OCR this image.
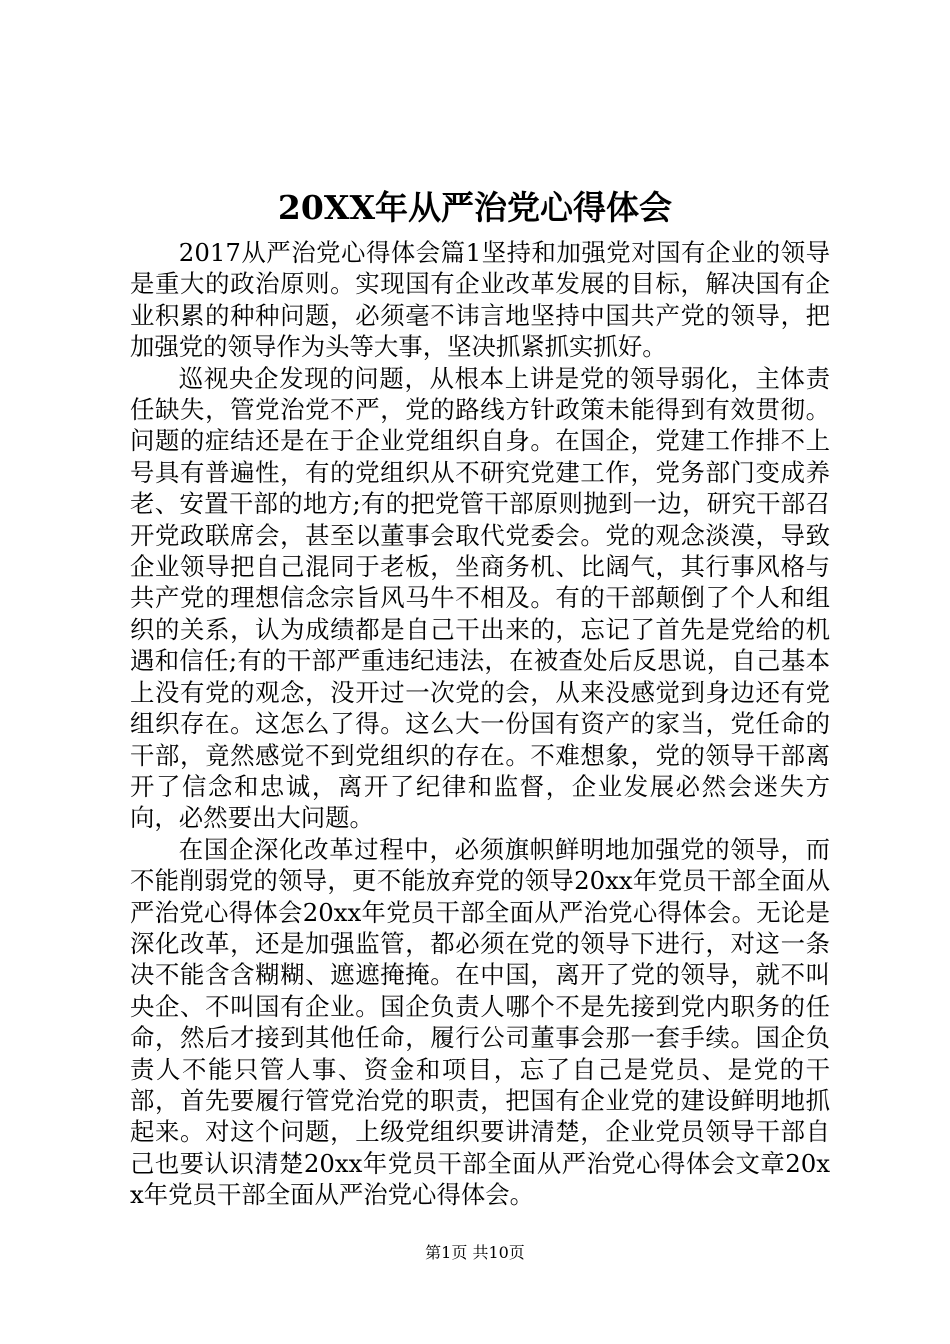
20XX年从严治党心得体会

2017从严治党心得体会篇1坚持和加强党对国有企业的领导是重大的政治原则。实现国有企业改革发展的目标，解决国有企业积累的种种问题，必须毫不讳言地坚持中国共产党的领导，把加强党的领导作为头等大事，坚决抓紧抓实抓好。

巡视央企发现的问题，从根本上讲是党的领导弱化，主体责任缺失，管党治党不严，党的路线方针政策未能得到有效贯彻。问题的症结还是在于企业党组织自身。在国企，党建工作排不上号具有普遍性，有的党组织从不研究党建工作，党务部门变成养老、安置干部的地方;有的把党管干部原则抛到一边，研究干部召开党政联席会，甚至以董事会取代党委会。党的观念淡漠，导致企业领导把自己混同于老板，坐商务机、比阔气，其行事风格与共产党的理想信念宗旨风马牛不相及。有的干部颠倒了个人和组织的关系，认为成绩都是自己干出来的，忘记了首先是党给的机遇和信任;有的干部严重违纪违法，在被查处后反思说，自己基本上没有党的观念，没开过一次党的会，从来没感觉到身边还有党组织存在。这怎么了得。这么大一份国有资产的家当，党任命的干部，竟然感觉不到党组织的存在。不难想象，党的领导干部离开了信念和忠诚，离开了纪律和监督，企业发展必然会迷失方向，必然要出大问题。

在国企深化改革过程中，必须旗帜鲜明地加强党的领导，而不能削弱党的领导，更不能放弃党的领导20xx年党员干部全面从严治党心得体会20xx年党员干部全面从严治党心得体会。无论是深化改革，还是加强监管，都必须在党的领导下进行，对这一条决不能含含糊糊、遮遮掩掩。在中国，离开了党的领导，就不叫央企、不叫国有企业。国企负责人哪个不是先接到党内职务的任命，然后才接到其他任命，履行公司董事会那一套手续。国企负责人不能只管人事、资金和项目，忘了自己是党员、是党的干部，首先要履行管党治党的职责，把国有企业党的建设鲜明地抓起来。对这个问题，上级党组织要讲清楚，企业党员领导干部自己也要认识清楚20xx年党员干部全面从严治党心得体会文章20xx年党员干部全面从严治党心得体会。

第1页 共10页
